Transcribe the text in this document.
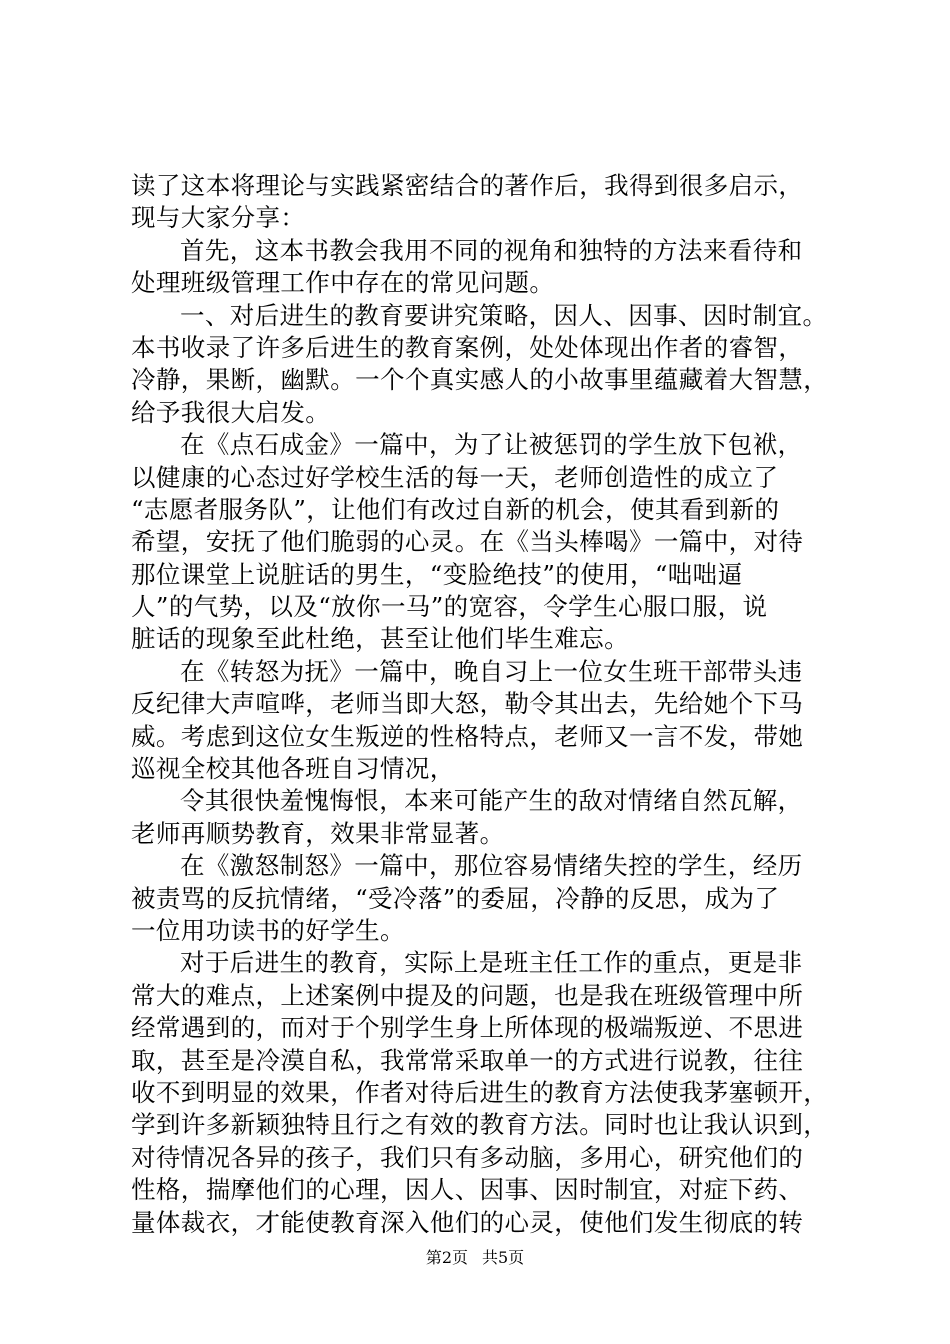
读了这本将理论与实践紧密结合的著作后，我得到很多启示，

现与大家分享：

首先，这本书教会我用不同的视角和独特的方法来看待和

处理班级管理工作中存在的常见问题。

一、对后进生的教育要讲究策略，因人、因事、因时制宜。

本书收录了许多后进生的教育案例，处处体现出作者的睿智，

冷静，果断，幽默。一个个真实感人的小故事里蕴藏着大智慧，

给予我很大启发。

在《点石成金》一篇中，为了让被惩罚的学生放下包袱，

以健康的心态过好学校生活的每一天，老师创造性的成立了

“志愿者服务队”，让他们有改过自新的机会，使其看到新的

希望，安抚了他们脆弱的心灵。在《当头棒喝》一篇中，对待

那位课堂上说脏话的男生，“变脸绝技”的使用，“咄咄逼

人”的气势，以及“放你一马”的宽容，令学生心服口服，说

脏话的现象至此杜绝，甚至让他们毕生难忘。

在《转怒为抚》一篇中，晚自习上一位女生班干部带头违

反纪律大声喧哗，老师当即大怒，勒令其出去，先给她个下马

威。考虑到这位女生叛逆的性格特点，老师又一言不发，带她

巡视全校其他各班自习情况，

令其很快羞愧悔恨，本来可能产生的敌对情绪自然瓦解，

老师再顺势教育，效果非常显著。

在《激怒制怒》一篇中，那位容易情绪失控的学生，经历

被责骂的反抗情绪，“受冷落”的委屈，冷静的反思，成为了

一位用功读书的好学生。

对于后进生的教育，实际上是班主任工作的重点，更是非

常大的难点，上述案例中提及的问题，也是我在班级管理中所

经常遇到的，而对于个别学生身上所体现的极端叛逆、不思进

取，甚至是冷漠自私，我常常采取单一的方式进行说教，往往

收不到明显的效果，作者对待后进生的教育方法使我茅塞顿开，

学到许多新颖独特且行之有效的教育方法。同时也让我认识到，

对待情况各异的孩子，我们只有多动脑，多用心，研究他们的

性格，揣摩他们的心理，因人、因事、因时制宜，对症下药、

量体裁衣，才能使教育深入他们的心灵，使他们发生彻底的转

第2页 共5页
